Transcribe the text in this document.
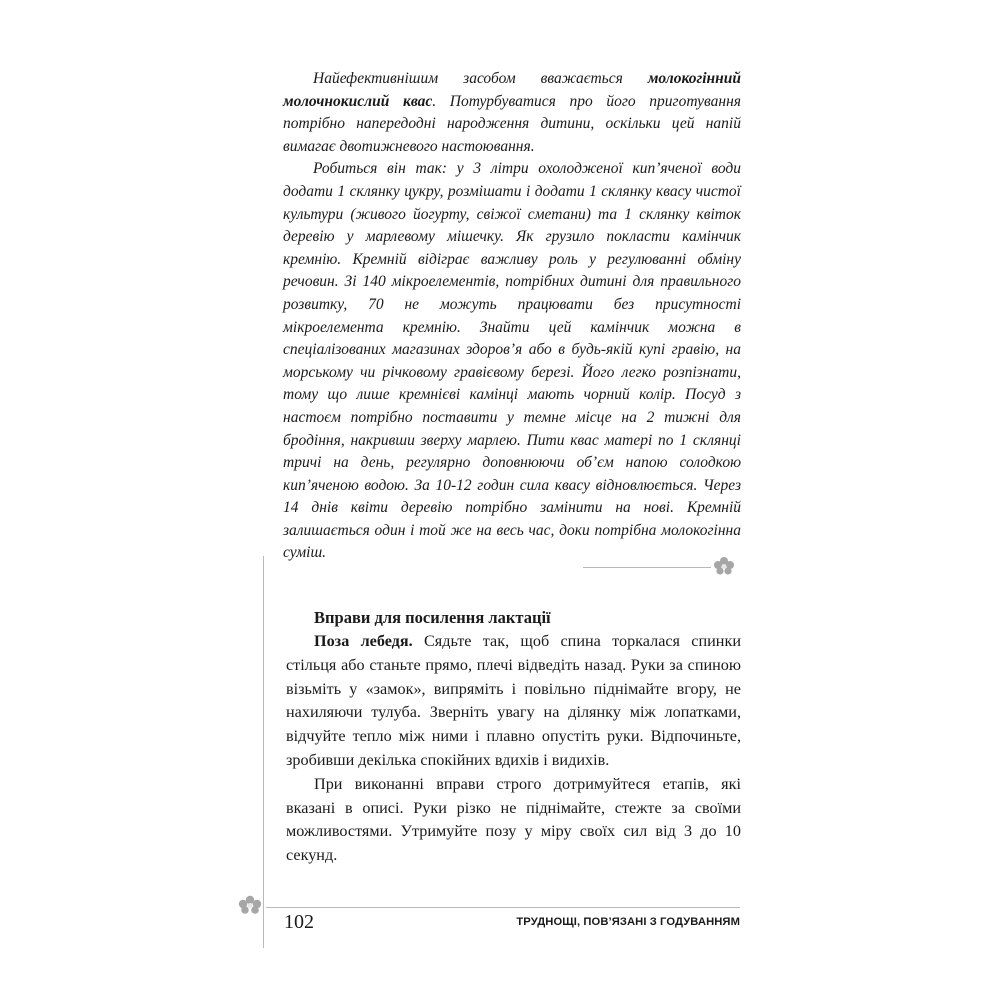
Найефективнішим засобом вважається молокогінний молочнокислий квас. Потурбуватися про його приготування потрібно напередодні народження дитини, оскільки цей напій вимагає двотижневого настоювання.

Робиться він так: у 3 літри охолодженої кип’яченої води додати 1 склянку цукру, розмішати і додати 1 склянку квасу чистої культури (живого йогурту, свіжої сметани) та 1 склянку квіток деревію у марлевому мішечку. Як грузило покласти камінчик кремнію. Кремній відіграє важливу роль у регулюванні обміну речовин. Зі 140 мікроелементів, потрібних дитині для правильного розвитку, 70 не можуть працювати без присутності мікроелемента кремнію. Знайти цей камінчик можна в спеціалізованих магазинах здоров’я або в будь-якій купі гравію, на морському чи річковому гравієвому березі. Його легко розпізнати, тому що лише кремнієві камінці мають чорний колір. Посуд з настоєм потрібно поставити у темне місце на 2 тижні для бродіння, накривши зверху марлею. Пити квас матері по 1 склянці тричі на день, регулярно доповнюючи об’єм напою солодкою кип’яченою водою. За 10-12 годин сила квасу відновлюється. Через 14 днів квіти деревію потрібно замінити на нові. Кремній залишається один і той же на весь час, доки потрібна молокогінна суміш.

Вправи для посилення лактації

Поза лебедя. Сядьте так, щоб спина торкалася спинки стільця або станьте прямо, плечі відведіть назад. Руки за спиною візьміть у «замок», випряміть і повільно піднімайте вгору, не нахиляючи тулуба. Зверніть увагу на ділянку між лопатками, відчуйте тепло між ними і плавно опустіть руки. Відпочиньте, зробивши декілька спокійних вдихів і видихів.

При виконанні вправи строго дотримуйтеся етапів, які вказані в описі. Руки різко не піднімайте, стежте за своїми можливостями. Утримуйте позу у міру своїх сил від 3 до 10 секунд.

102	ТРУДНОЩІ, ПОВ’ЯЗАНІ З ГОДУВАННЯМ
